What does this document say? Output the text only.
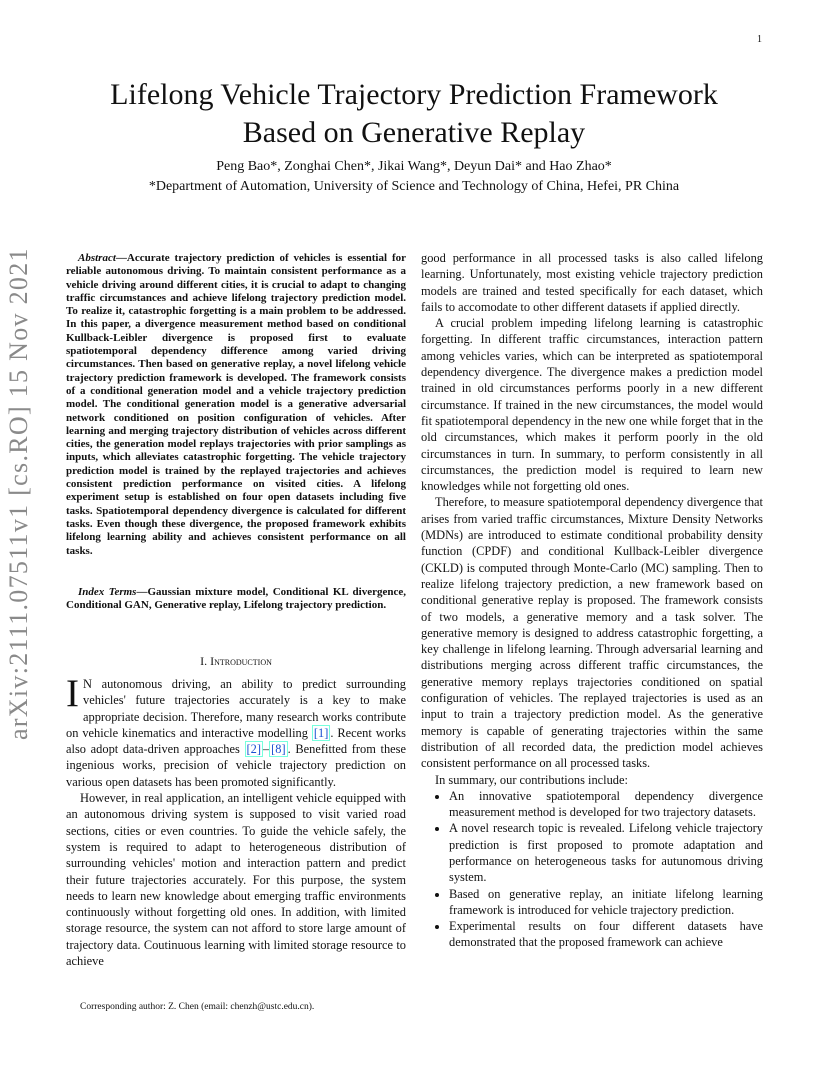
1
Lifelong Vehicle Trajectory Prediction Framework
Based on Generative Replay
Peng Bao*, Zonghai Chen*, Jikai Wang*, Deyun Dai* and Hao Zhao*
*Department of Automation, University of Science and Technology of China, Hefei, PR China
arXiv:2111.07511v1 [cs.RO] 15 Nov 2021	Abstract—Accurate trajectory prediction of vehicles is essential for reliable autonomous driving. To maintain consistent performance as a vehicle driving around different cities, it is crucial to adapt to changing traffic circumstances and achieve lifelong trajectory prediction model. To realize it, catastrophic forgetting is a main problem to be addressed. In this paper, a divergence measurement method based on conditional Kullback-Leibler divergence is proposed first to evaluate spatiotemporal dependency difference among varied driving circumstances. Then based on generative replay, a novel lifelong vehicle trajectory prediction framework is developed. The framework consists of a conditional generation model and a vehicle trajectory prediction model. The conditional generation model is a generative adversarial network conditioned on position configuration of vehicles. After learning and merging trajectory distribution of vehicles across different cities, the generation model replays trajectories with prior samplings as inputs, which alleviates catastrophic forgetting. The vehicle trajectory prediction model is trained by the replayed trajectories and achieves consistent prediction performance on visited cities. A lifelong experiment setup is established on four open datasets including five tasks. Spatiotemporal dependency divergence is calculated for different tasks. Even though these divergence, the proposed framework exhibits lifelong learning ability and achieves consistent performance on all tasks.
Index Terms—Gaussian mixture model, Conditional KL divergence, Conditional GAN, Generative replay, Lifelong trajectory prediction.
I. Introduction

I N autonomous driving, an ability to predict surrounding vehicles' future trajectories accurately is a key to make appropriate decision. Therefore, many research works contribute on vehicle kinematics and interactive modelling [1] . Recent works also adopt data-driven approaches [2] – [8] . Benefitted from these ingenious works, precision of vehicle trajectory prediction on various open datasets has been promoted significantly.

However, in real application, an intelligent vehicle equipped with an autonomous driving system is supposed to visit varied road sections, cities or even countries. To guide the vehicle safely, the system is required to adapt to heterogeneous distribution of surrounding vehicles' motion and interaction pattern and predict their future trajectories accurately. For this purpose, the system needs to learn new knowledge about emerging traffic environments continuously without forgetting old ones. In addition, with limited storage resource, the system can not afford to store large amount of trajectory data. Coutinuous learning with limited storage resource to achieve

good performance in all processed tasks is also called lifelong learning. Unfortunately, most existing vehicle trajectory prediction models are trained and tested specifically for each dataset, which fails to accomodate to other different datasets if applied directly.

A crucial problem impeding lifelong learning is catastrophic forgetting. In different traffic circumstances, interaction pattern among vehicles varies, which can be interpreted as spatiotemporal dependency divergence. The divergence makes a prediction model trained in old circumstances performs poorly in a new different circumstance. If trained in the new circumstances, the model would fit spatiotemporal dependency in the new one while forget that in the old circumstances, which makes it perform poorly in the old circumstances in turn. In summary, to perform consistently in all circumstances, the prediction model is required to learn new knowledges while not forgetting old ones.

Therefore, to measure spatiotemporal dependency divergence that arises from varied traffic circumstances, Mixture Density Networks (MDNs) are introduced to estimate conditional probability density function (CPDF) and conditional Kullback-Leibler divergence (CKLD) is computed through Monte-Carlo (MC) sampling. Then to realize lifelong trajectory prediction, a new framework based on conditional generative replay is proposed. The framework consists of two models, a generative memory and a task solver. The generative memory is designed to address catastrophic forgetting, a key challenge in lifelong learning. Through adversarial learning and distributions merging across different traffic circumstances, the generative memory replays trajectories conditioned on spatial configuration of vehicles. The replayed trajectories is used as an input to train a trajectory prediction model. As the generative memory is capable of generating trajectories within the same distribution of all recorded data, the prediction model achieves consistent performance on all processed tasks.

In summary, our contributions include:

• An innovative spatiotemporal dependency divergence measurement method is developed for two trajectory datasets.
• A novel research topic is revealed. Lifelong vehicle trajectory prediction is first proposed to promote adaptation and performance on heterogeneous tasks for autunomous driving system.
• Based on generative replay, an initiate lifelong learning framework is introduced for vehicle trajectory prediction.
• Experimental results on four different datasets have demonstrated that the proposed framework can achieve
Corresponding author: Z. Chen (email: chenzh@ustc.edu.cn).
